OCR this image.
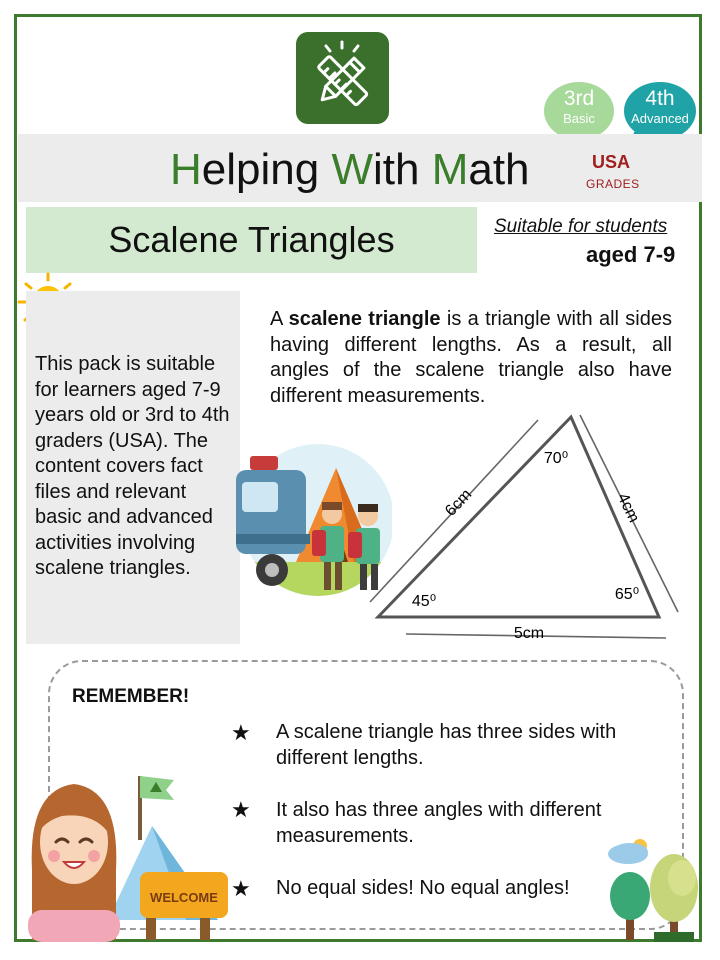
3rd
Basic
4th
Advanced
Helping With Math	USA
GRADES
Scalene Triangles	Suitable for students
aged 7-9
This pack is suitable for learners aged 7-9 years old or 3rd to 4th graders (USA). The content covers fact files and relevant basic and advanced activities involving scalene triangles.
A scalene triangle is a triangle with all sides having different lengths. As a result, all angles of the scalene triangle also have different measurements.
6cm	4cm
5cm
70⁰
45⁰	65⁰
REMEMBER!
★ A scalene triangle has three sides with different lengths.
★ It also has three angles with different measurements.
★ No equal sides! No equal angles!
WELCOME
